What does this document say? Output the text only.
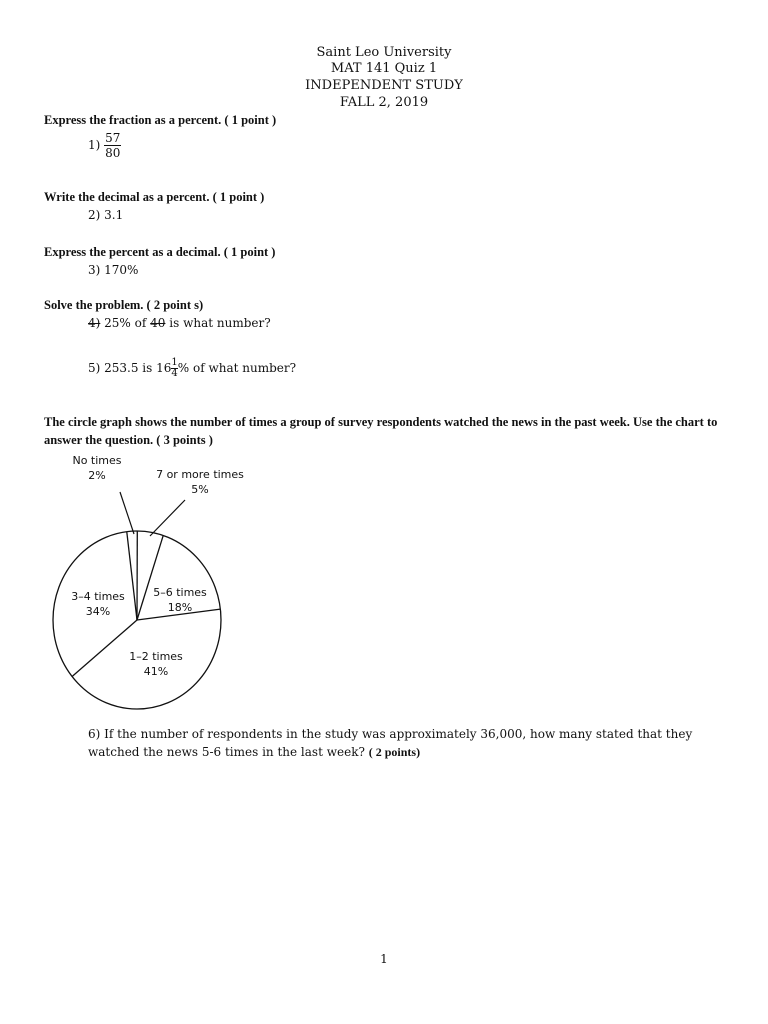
Saint Leo University
MAT 141 Quiz 1
INDEPENDENT STUDY
FALL 2, 2019
Express the fraction as a percent. ( 1 point )
$1) \frac{57}{80}$
Write the decimal as a percent. ( 1 point )
2) 3.1
Express the percent as a decimal. ( 1 point )
3) 170%
Solve the problem. ( 2 point s)
4) 25% of 40 is what number?
5) 253.5 is $16 \frac{1}{4}$ % of what number?
The circle graph shows the number of times a group of survey respondents watched the news in the past week. Use the chart to answer the question. ( 3 points )
No times
2%	7 or more times
5%
5–6 times
18%
1–2 times
41%
3–4 times
34%
6) If the number of respondents in the study was approximately 36,000, how many stated that they watched the news 5-6 times in the last week? ( 2 points)
1
